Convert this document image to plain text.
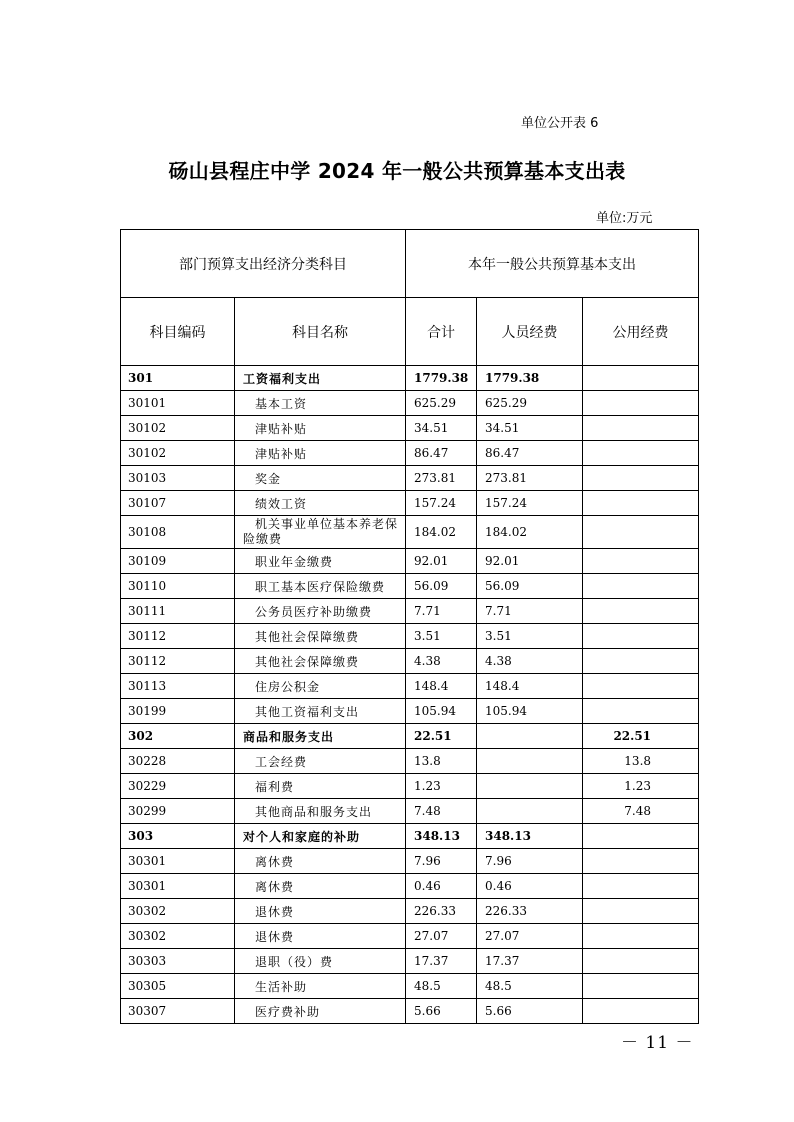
单位公开表 6
砀山县程庄中学 2024 年一般公共预算基本支出表
单位:万元
部门预算支出经济分类科目		本年一般公共预算基本支出		
科目编码	科目名称	合计	人员经费	公用经费
301	工资福利支出	1779.38	1779.38	
30101	基本工资	625.29	625.29	
30102	津贴补贴	34.51	34.51	
30102	津贴补贴	86.47	86.47	
30103	奖金	273.81	273.81	
30107	绩效工资	157.24	157.24	
30108	机关事业单位基本养老保险缴费	184.02	184.02	
30109	职业年金缴费	92.01	92.01	
30110	职工基本医疗保险缴费	56.09	56.09	
30111	公务员医疗补助缴费	7.71	7.71	
30112	其他社会保障缴费	3.51	3.51	
30112	其他社会保障缴费	4.38	4.38	
30113	住房公积金	148.4	148.4	
30199	其他工资福利支出	105.94	105.94	
302	商品和服务支出	22.51		22.51
30228	工会经费	13.8		13.8
30229	福利费	1.23		1.23
30299	其他商品和服务支出	7.48		7.48
303	对个人和家庭的补助	348.13	348.13	
30301	离休费	7.96	7.96	
30301	离休费	0.46	0.46	
30302	退休费	226.33	226.33	
30302	退休费	27.07	27.07	
30303	退职（役）费	17.37	17.37	
30305	生活补助	48.5	48.5	
30307	医疗费补助	5.66	5.66	
－ 11 －
